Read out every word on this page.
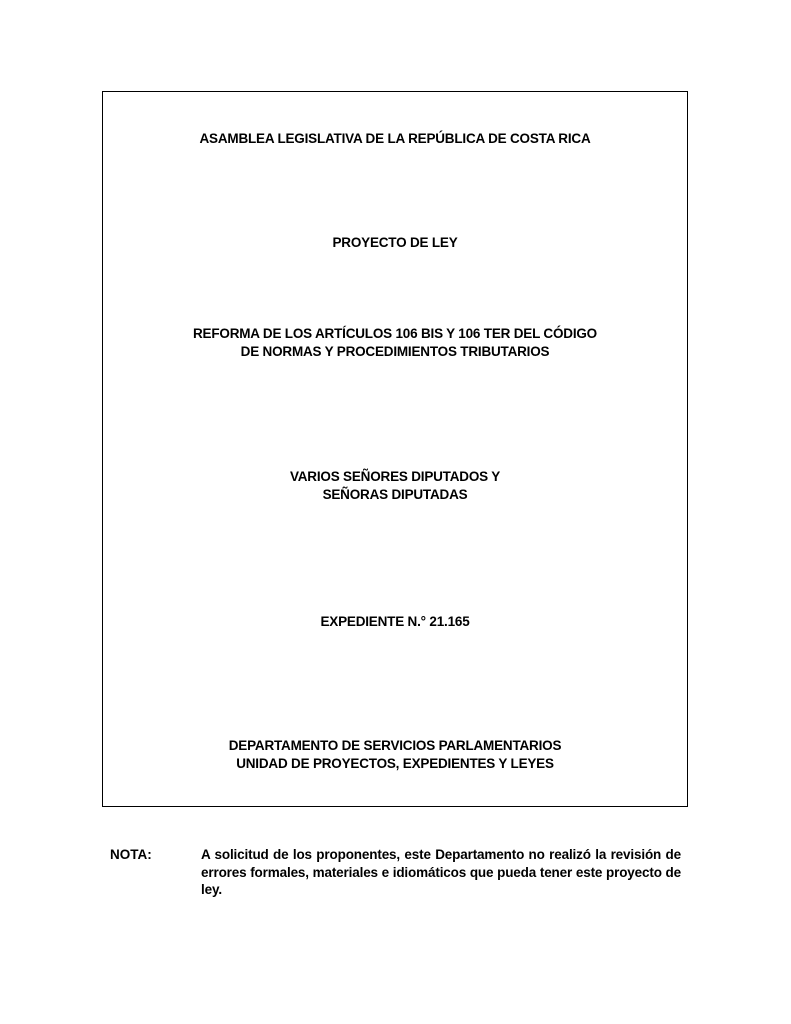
ASAMBLEA LEGISLATIVA DE LA REPÚBLICA DE COSTA RICA
PROYECTO DE LEY
REFORMA DE LOS ARTÍCULOS 106 BIS Y 106 TER DEL CÓDIGO
DE NORMAS Y PROCEDIMIENTOS TRIBUTARIOS
VARIOS SEÑORES DIPUTADOS Y
SEÑORAS DIPUTADAS
EXPEDIENTE N.° 21.165
DEPARTAMENTO DE SERVICIOS PARLAMENTARIOS
UNIDAD DE PROYECTOS, EXPEDIENTES Y LEYES
NOTA:	A solicitud de los proponentes, este Departamento no realizó la revisión de errores formales, materiales e idiomáticos que pueda tener este proyecto de ley.
